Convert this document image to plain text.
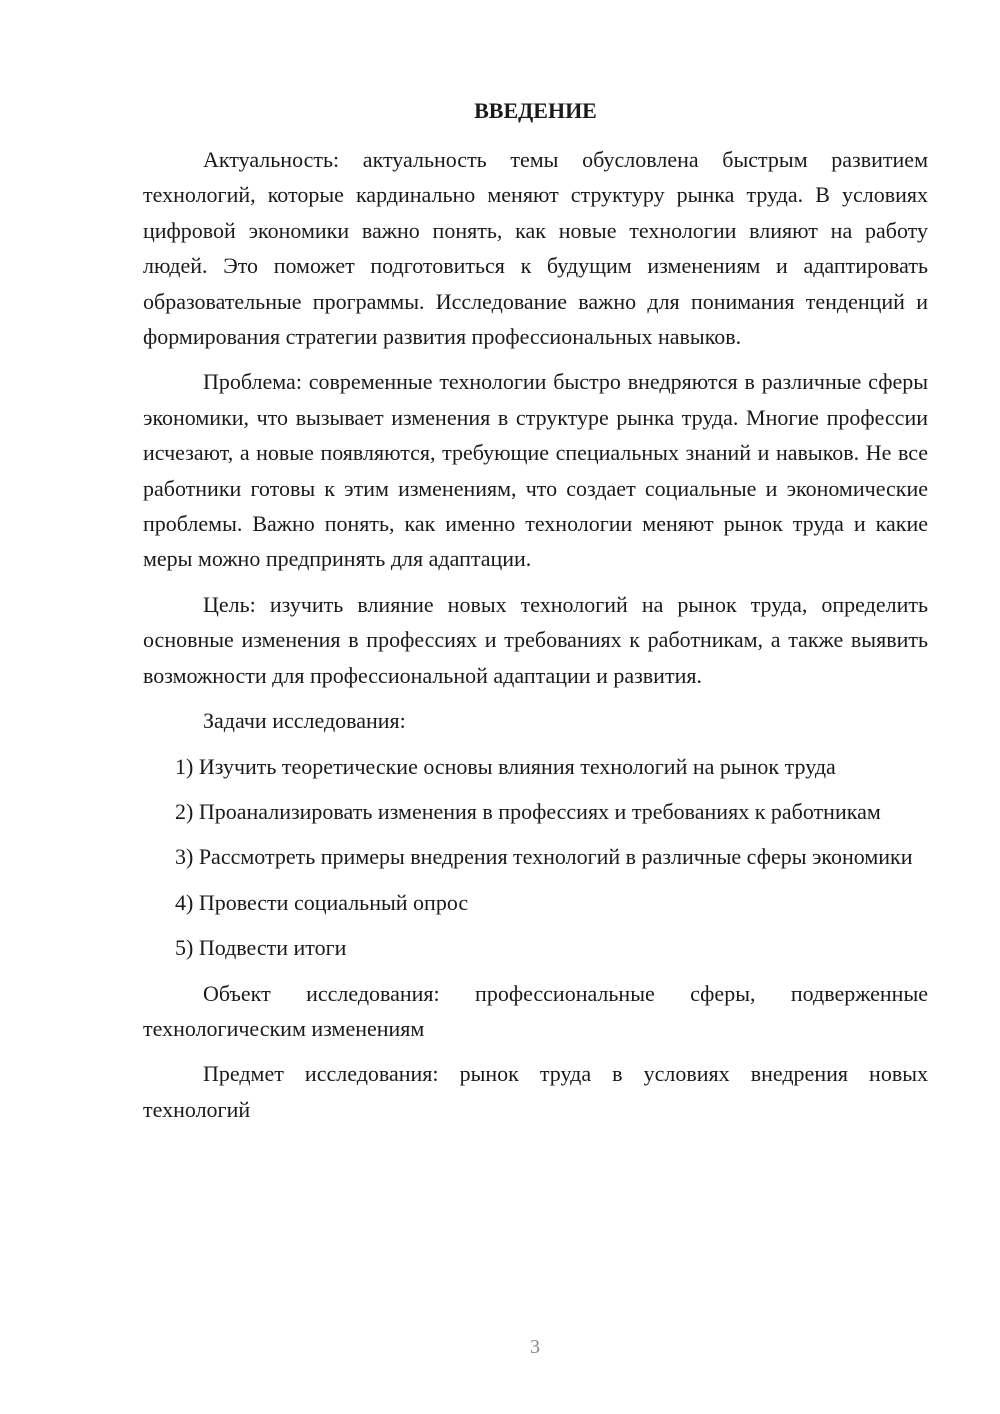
ВВЕДЕНИЕ

Актуальность: актуальность темы обусловлена быстрым развитием технологий, которые кардинально меняют структуру рынка труда. В условиях цифровой экономики важно понять, как новые технологии влияют на работу людей. Это поможет подготовиться к будущим изменениям и адаптировать образовательные программы. Исследование важно для понимания тенденций и формирования стратегии развития профессиональных навыков.

Проблема: современные технологии быстро внедряются в различные сферы экономики, что вызывает изменения в структуре рынка труда. Многие профессии исчезают, а новые появляются, требующие специальных знаний и навыков. Не все работники готовы к этим изменениям, что создает социальные и экономические проблемы. Важно понять, как именно технологии меняют рынок труда и какие меры можно предпринять для адаптации.

Цель: изучить влияние новых технологий на рынок труда, определить основные изменения в профессиях и требованиях к работникам, а также выявить возможности для профессиональной адаптации и развития.

Задачи исследования:

1) Изучить теоретические основы влияния технологий на рынок труда

2) Проанализировать изменения в профессиях и требованиях к работникам

3) Рассмотреть примеры внедрения технологий в различные сферы экономики

4) Провести социальный опрос

5) Подвести итоги

Объект исследования: профессиональные сферы, подверженные технологическим изменениям

Предмет исследования: рынок труда в условиях внедрения новых технологий

3
